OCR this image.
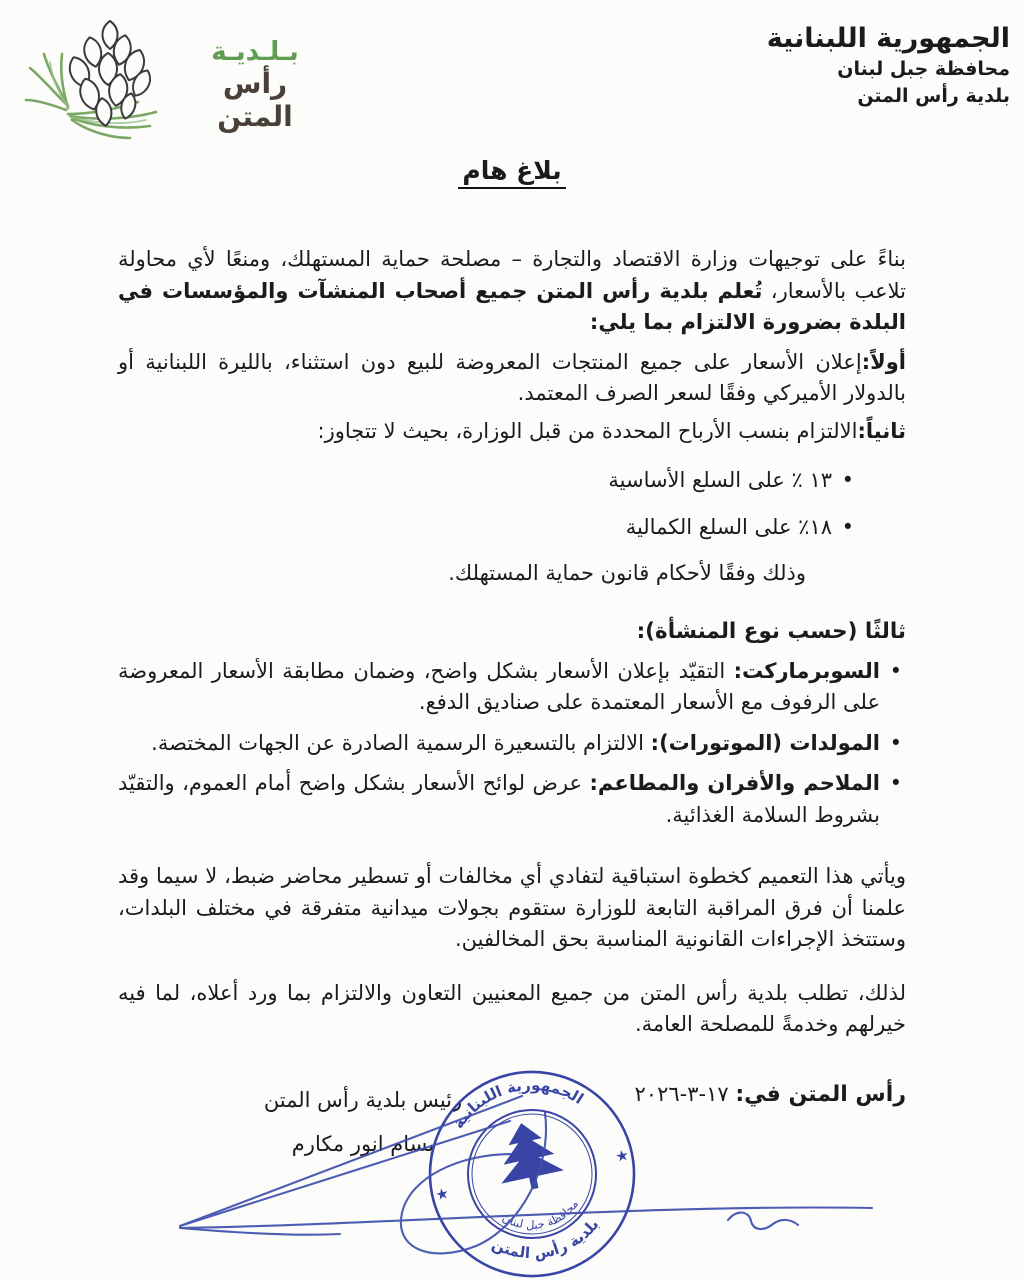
الجمهورية اللبنانية
محافظة جبل لبنان
بلدية رأس المتن
بـلـديـة
رأس المتن
بلاغ هام

بناءً على توجيهات وزارة الاقتصاد والتجارة – مصلحة حماية المستهلك، ومنعًا لأي محاولة تلاعب بالأسعار، تُعلم بلدية رأس المتن جميع أصحاب المنشآت والمؤسسات في البلدة بضرورة الالتزام بما يلي:

أولاً:إعلان الأسعار على جميع المنتجات المعروضة للبيع دون استثناء، بالليرة اللبنانية أو بالدولار الأميركي وفقًا لسعر الصرف المعتمد.

ثانياً:الالتزام بنسب الأرباح المحددة من قبل الوزارة، بحيث لا تتجاوز:

• ١٣ ٪ على السلع الأساسية
• ١٨٪ على السلع الكمالية

وذلك وفقًا لأحكام قانون حماية المستهلك.

ثالثًا (حسب نوع المنشأة):
• السوبرماركت: التقيّد بإعلان الأسعار بشكل واضح، وضمان مطابقة الأسعار المعروضة على الرفوف مع الأسعار المعتمدة على صناديق الدفع.
• المولدات (الموتورات): الالتزام بالتسعيرة الرسمية الصادرة عن الجهات المختصة.
• الملاحم والأفران والمطاعم: عرض لوائح الأسعار بشكل واضح أمام العموم، والتقيّد بشروط السلامة الغذائية.

ويأتي هذا التعميم كخطوة استباقية لتفادي أي مخالفات أو تسطير محاضر ضبط، لا سيما وقد علمنا أن فرق المراقبة التابعة للوزارة ستقوم بجولات ميدانية متفرقة في مختلف البلدات، وستتخذ الإجراءات القانونية المناسبة بحق المخالفين.

لذلك، تطلب بلدية رأس المتن من جميع المعنيين التعاون والالتزام بما ورد أعلاه، لما فيه خيرلهم وخدمةً للمصلحة العامة.

رأس المتن في: ١٧-٣-٢٠٢٦
رئيس بلدية رأس المتن
بسام انور مكارم
الجمهورية اللبنانية
بلدية رأس المتن
محافظة جبل لبنان
★
★
